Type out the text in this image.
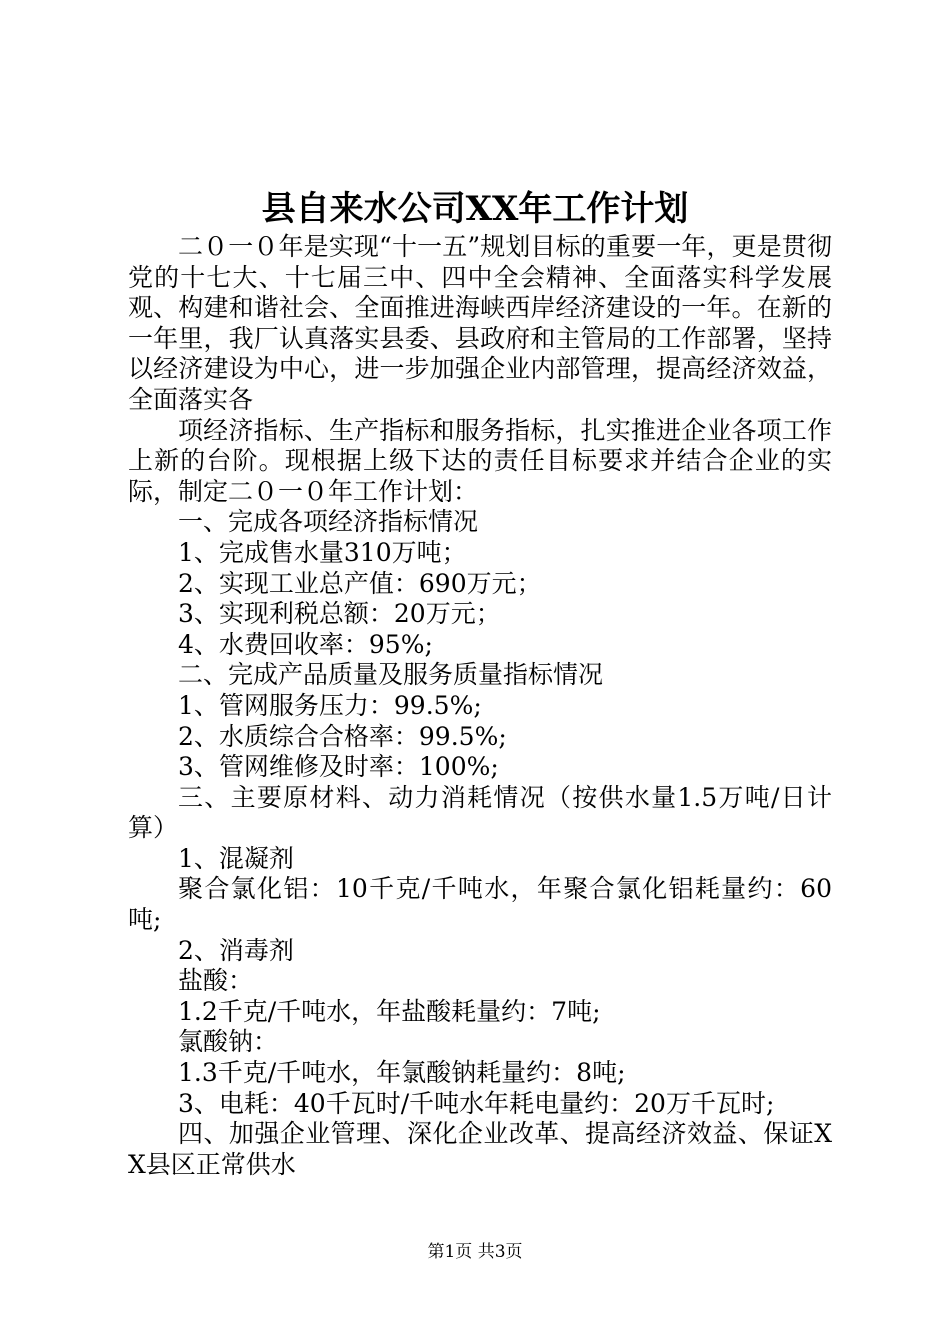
县自来水公司XX年工作计划

二０一０年是实现“十一五”规划目标的重要一年，更是贯彻党的十七大、十七届三中、四中全会精神、全面落实科学发展观、构建和谐社会、全面推进海峡西岸经济建设的一年。在新的一年里，我厂认真落实县委、县政府和主管局的工作部署，坚持以经济建设为中心，进一步加强企业内部管理，提高经济效益，全面落实各

项经济指标、生产指标和服务指标，扎实推进企业各项工作上新的台阶。现根据上级下达的责任目标要求并结合企业的实际，制定二０一０年工作计划：

一、完成各项经济指标情况

1、完成售水量310万吨；

2、实现工业总产值：690万元；

3、实现利税总额：20万元；

4、水费回收率：95%;

二、完成产品质量及服务质量指标情况

1、管网服务压力：99.5%;

2、水质综合合格率：99.5%;

3、管网维修及时率：100%;

三、主要原材料、动力消耗情况（按供水量1.5万吨/日计算）

1、混凝剂

聚合氯化铝：10千克/千吨水，年聚合氯化铝耗量约：60吨;

2、消毒剂

盐酸：

1.2千克/千吨水，年盐酸耗量约：7吨;

氯酸钠：

1.3千克/千吨水，年氯酸钠耗量约：8吨;

3、电耗：40千瓦时/千吨水年耗电量约：20万千瓦时;

四、加强企业管理、深化企业改革、提高经济效益、保证XX县区正常供水

第1页 共3页
